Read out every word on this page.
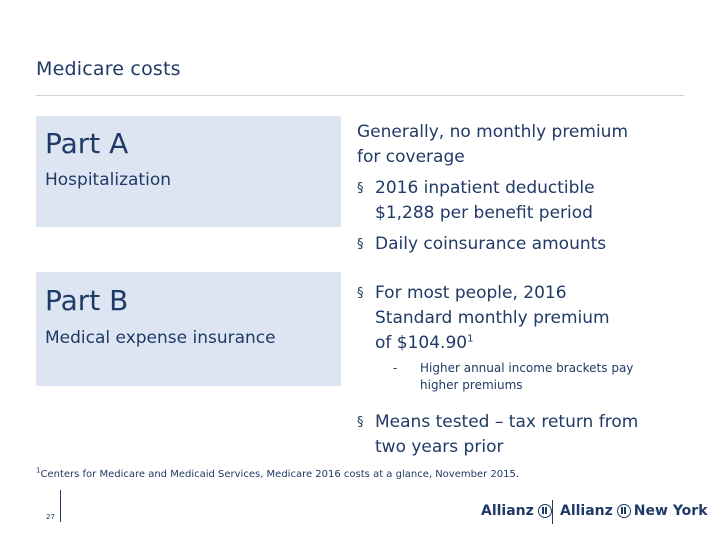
Medicare costs
Part A
Hospitalization

Generally, no monthly premium

for coverage

§ 2016 inpatient deductible
$1,288 per benefit period

§ Daily coinsurance amounts

Part B
Medical expense insurance

§ For most people, 2016
Standard monthly premium
of $104.90$^1$

- Higher annual income brackets pay
higher premiums

§ Means tested – tax return from
two years prior

$^1$Centers for Medicare and Medicaid Services, Medicare 2016 costs at a glance, November 2015.
27	Allianz Allianz New York
